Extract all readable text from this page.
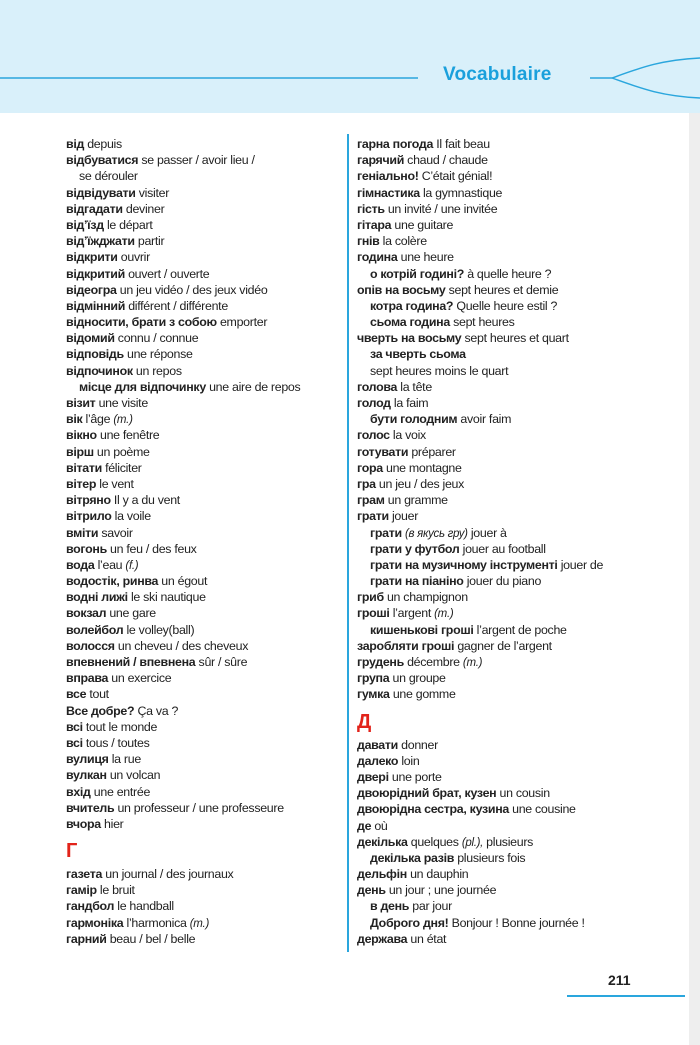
Vocabulaire
від depuis
відбуватися se passer / avoir lieu /
se dérouler
відвідувати visiter
відгадати deviner
від’їзд le départ
від’їжджати partir
відкрити ouvrir
відкритий ouvert / ouverte
відеогра un jeu vidéo / des jeux vidéo
відмінний différent / différente
відносити, брати з собою emporter
відомий connu / connue
відповідь une réponse
відпочинок un repos
місце для відпочинку une aire de repos
візит une visite
вік l’âge (m.)
вікно une fenêtre
вірш un poème
вітати féliciter
вітер le vent
вітряно Il y a du vent
вітрило la voile
вміти savoir
вогонь un feu / des feux
вода l’eau (f.)
водостік, ринва un égout
водні лижі le ski nautique
вокзал une gare
волейбол le volley(ball)
волосся un cheveu / des cheveux
впевнений / впевнена sûr / sûre
вправа un exercice
все tout
Все добре? Ça va ?
всі tout le monde
всі tous / toutes
вулиця la rue
вулкан un volcan
вхід une entrée
вчитель un professeur / une professeure
вчора hier
Г
газета un journal / des journaux
гамір le bruit
гандбол le handball
гармоніка l’harmonica (m.)
гарний beau / bel / belle
гарна погода Il fait beau
гарячий chaud / chaude
геніально! C’était génial!
гімнастика la gymnastique
гість un invité / une invitée
гітара une guitare
гнів la colère
година une heure
о котрій годині? à quelle heure ?
опів на восьму sept heures et demie
котра година? Quelle heure estil ?
сьома година sept heures
чверть на восьму sept heures et quart
за чверть сьома
sept heures moins le quart
голова la tête
голод la faim
бути голодним avoir faim
голос la voix
готувати préparer
гора une montagne
гра un jeu / des jeux
грам un gramme
грати jouer
грати (в якусь гру) jouer à
грати у футбол jouer au football
грати на музичному інструменті jouer de
грати на піаніно jouer du piano
гриб un champignon
гроші l’argent (m.)
кишенькові гроші l’argent de poche
заробляти гроші gagner de l’argent
грудень décembre (m.)
група un groupe
гумка une gomme
Д
давати donner
далеко loin
двері une porte
двоюрідний брат, кузен un cousin
двоюрідна сестра, кузина une cousine
де où
декілька quelques (pl.), plusieurs
декілька разів plusieurs fois
дельфін un dauphin
день un jour ; une journée
в день par jour
Доброго дня! Bonjour ! Bonne journée !
держава un état
211
